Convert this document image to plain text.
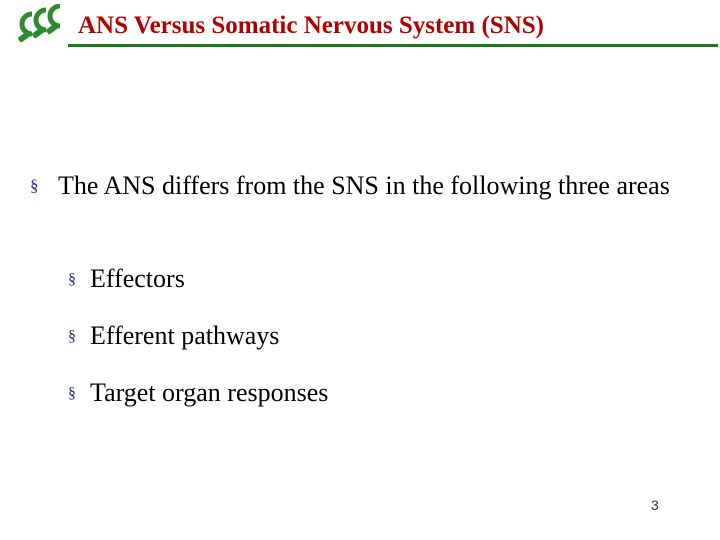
ANS Versus Somatic Nervous System (SNS)
§ The ANS differs from the SNS in the following three areas
§ Effectors
§ Efferent pathways
§ Target organ responses
3
